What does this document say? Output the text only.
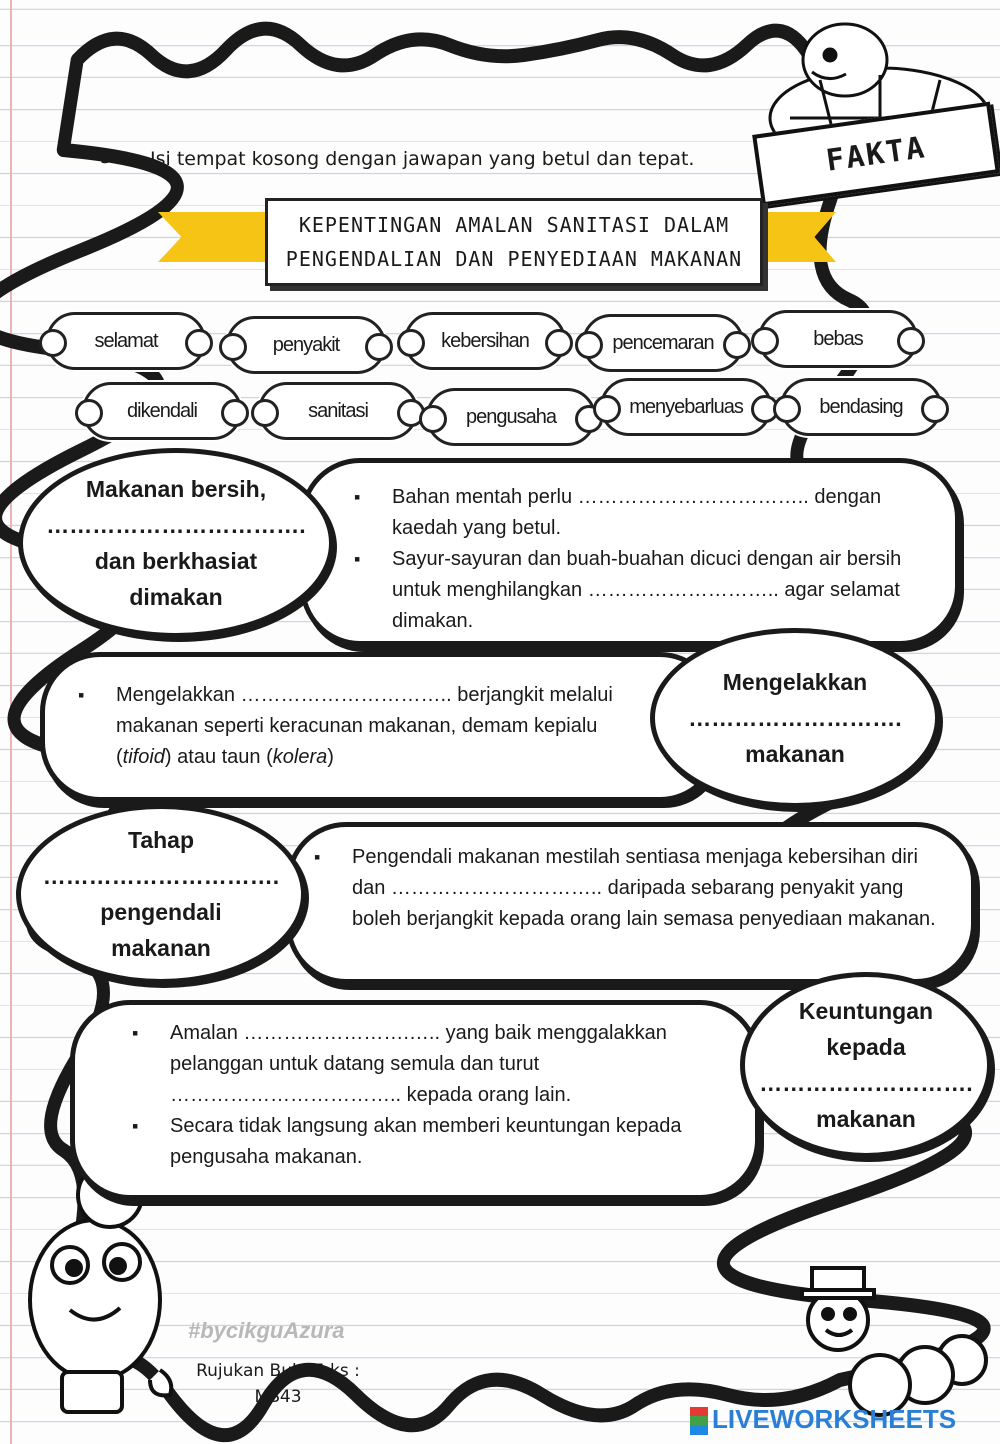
3. Isi tempat kosong dengan jawapan yang betul dan tepat.	FAKTA
KEPENTINGAN AMALAN SANITASI DALAM
PENGENDALIAN DAN PENYEDIAAN MAKANAN
selamat	penyakit	kebersihan	pencemaran	bebas
dikendali	sanitasi	pengusaha	menyebarluas	bendasing
▪ Bahan mentah perlu …………………………….. dengan kaedah yang betul.
▪ Sayur-sayuran dan buah-buahan dicuci dengan air bersih untuk menghilangkan ……………………….. agar selamat dimakan.
Makanan bersih,
…………………………….
dan berkhasiat
dimakan
▪ Mengelakkan ………………………….. berjangkit melalui makanan seperti keracunan makanan, demam kepialu (tifoid) atau taun (kolera)
Mengelakkan
……………………….
makanan
▪ Pengendali makanan mestilah sentiasa menjaga kebersihan diri dan ………………………….. daripada sebarang penyakit yang boleh berjangkit kepada orang lain semasa penyediaan makanan.
Tahap
………………………….
pengendali
makanan
▪ Amalan …………………….….. yang baik menggalakkan pelanggan untuk datang semula dan turut …………………………….. kepada orang lain.
▪ Secara tidak langsung akan memberi keuntungan kepada pengusaha makanan.
Keuntungan
kepada
……………………….
makanan
#bycikguAzura
Rujukan BukuTeks :
MS43
LIVEWORKSHEETS
